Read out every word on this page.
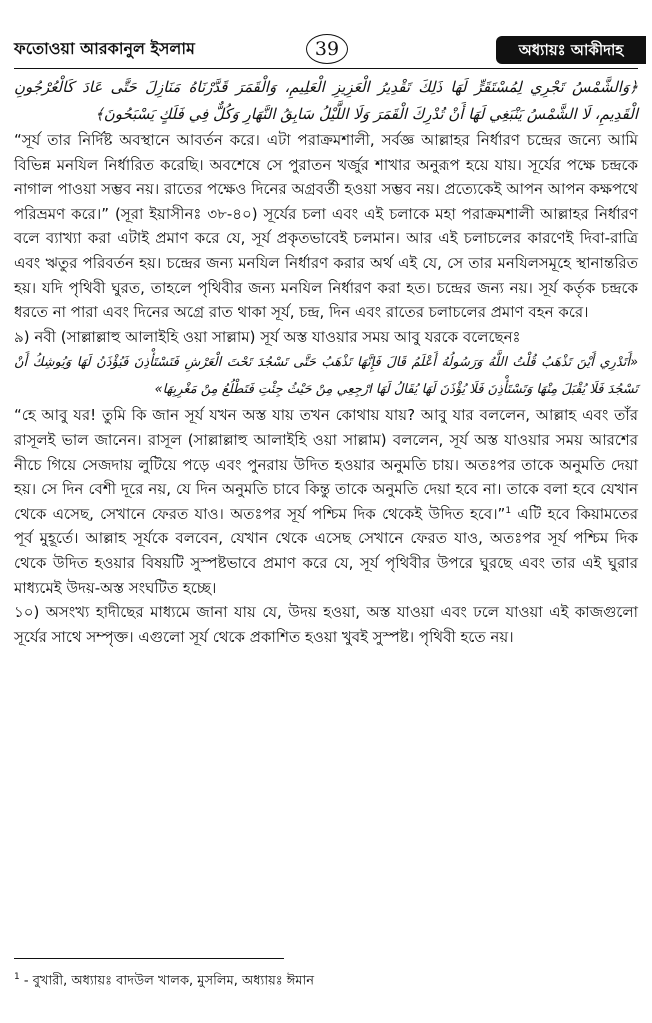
ফতোওয়া আরকানুল ইসলাম	39	অধ্যায়ঃ আকীদাহ

﴿وَالشَّمْسُ تَجْرِي لِمُسْتَقَرٍّ لَهَا ذَلِكَ تَقْدِيرُ الْعَزِيزِ الْعَلِيمِ، وَالْقَمَرَ قَدَّرْنَاهُ مَنَازِلَ حَتَّى عَادَ كَالْعُرْجُونِ الْقَدِيمِ، لَا الشَّمْسُ يَنْبَغِي لَهَا أَنْ تُدْرِكَ الْقَمَرَ وَلَا اللَّيْلُ سَابِقُ النَّهَارِ وَكُلٌّ فِي فَلَكٍ يَسْبَحُونَ﴾

“সূর্য তার নির্দিষ্ট অবস্থানে আবর্তন করে। এটা পরাক্রমশালী, সর্বজ্ঞ আল্লাহর নির্ধারণ চন্দ্রের জন্যে আমি বিভিন্ন মনযিল নির্ধারিত করেছি। অবশেষে সে পুরাতন খর্জুর শাখার অনুরূপ হয়ে যায়। সূর্যের পক্ষে চন্দ্রকে নাগাল পাওয়া সম্ভব নয়। রাতের পক্ষেও দিনের অগ্রবর্তী হওয়া সম্ভব নয়। প্রত্যেকেই আপন আপন কক্ষপথে পরিভ্রমণ করে।” (সূরা ইয়াসীনঃ ৩৮-৪০) সূর্যের চলা এবং এই চলাকে মহা পরাক্রমশালী আল্লাহর নির্ধারণ বলে ব্যাখ্যা করা এটাই প্রমাণ করে যে, সূর্য প্রকৃতভাবেই চলমান। আর এই চলাচলের কারণেই দিবা-রাত্রি এবং ঋতুর পরিবর্তন হয়। চন্দ্রের জন্য মনযিল নির্ধারণ করার অর্থ এই যে, সে তার মনযিলসমূহে স্থানান্তরিত হয়। যদি পৃথিবী ঘুরত, তাহলে পৃথিবীর জন্য মনযিল নির্ধারণ করা হত। চন্দ্রের জন্য নয়। সূর্য কর্তৃক চন্দ্রকে ধরতে না পারা এবং দিনের অগ্রে রাত থাকা সূর্য, চন্দ্র, দিন এবং রাতের চলাচলের প্রমাণ বহন করে।

৯) নবী (সাল্লাল্লাহু আলাইহি ওয়া সাল্লাম) সূর্য অস্ত যাওয়ার সময় আবু যরকে বলেছেনঃ

«أَتَدْرِي أَيْنَ تَذْهَبُ قُلْتُ اللَّهُ وَرَسُولُهُ أَعْلَمُ قَالَ فَإِنَّهَا تَذْهَبُ حَتَّى تَسْجُدَ تَحْتَ الْعَرْشِ فَتَسْتَأْذِنَ فَيُؤْذَنُ لَهَا وَيُوشِكُ أَنْ تَسْجُدَ فَلَا يُقْبَلَ مِنْهَا وَتَسْتَأْذِنَ فَلَا يُؤْذَنَ لَهَا يُقَالُ لَهَا ارْجِعِي مِنْ حَيْثُ جِئْتِ فَتَطْلُعُ مِنْ مَغْرِبِهَا»

“হে আবু যর! তুমি কি জান সূর্য যখন অস্ত যায় তখন কোথায় যায়? আবু যার বললেন, আল্লাহ এবং তাঁর রাসূলই ভাল জানেন। রাসূল (সাল্লাল্লাহু আলাইহি ওয়া সাল্লাম) বললেন, সূর্য অস্ত যাওয়ার সময় আরশের নীচে গিয়ে সেজদায় লুটিয়ে পড়ে এবং পুনরায় উদিত হওয়ার অনুমতি চায়। অতঃপর তাকে অনুমতি দেয়া হয়। সে দিন বেশী দূরে নয়, যে দিন অনুমতি চাবে কিন্তু তাকে অনুমতি দেয়া হবে না। তাকে বলা হবে যেখান থেকে এসেছ, সেখানে ফেরত যাও। অতঃপর সূর্য পশ্চিম দিক থেকেই উদিত হবে।”$^1$ এটি হবে কিয়ামতের পূর্ব মুহূর্তে। আল্লাহ সূর্যকে বলবেন, যেখান থেকে এসেছ সেখানে ফেরত যাও, অতঃপর সূর্য পশ্চিম দিক থেকে উদিত হওয়ার বিষয়টি সুস্পষ্টভাবে প্রমাণ করে যে, সূর্য পৃথিবীর উপরে ঘুরছে এবং তার এই ঘুরার মাধ্যমেই উদয়-অস্ত সংঘটিত হচ্ছে।

১০) অসংখ্য হাদীছের মাধ্যমে জানা যায় যে, উদয় হওয়া, অস্ত যাওয়া এবং ঢলে যাওয়া এই কাজগুলো সূর্যের সাথে সম্পৃক্ত। এগুলো সূর্য থেকে প্রকাশিত হওয়া খুবই সুস্পষ্ট। পৃথিবী হতে নয়।

$^1$ - বুখারী, অধ্যায়ঃ বাদউল খালক, মুসলিম, অধ্যায়ঃ ঈমান
